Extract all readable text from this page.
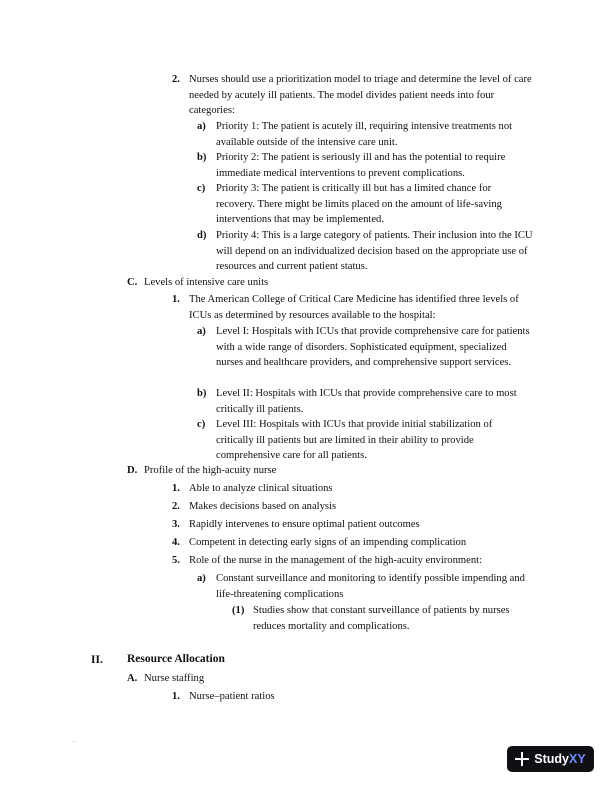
2. Nurses should use a prioritization model to triage and determine the level of care needed by acutely ill patients. The model divides patient needs into four categories:
a) Priority 1: The patient is acutely ill, requiring intensive treatments not available outside of the intensive care unit.
b) Priority 2: The patient is seriously ill and has the potential to require immediate medical interventions to prevent complications.
c) Priority 3: The patient is critically ill but has a limited chance for recovery. There might be limits placed on the amount of life-saving interventions that may be implemented.
d) Priority 4: This is a large category of patients. Their inclusion into the ICU will depend on an individualized decision based on the appropriate use of resources and current patient status.
C. Levels of intensive care units
1. The American College of Critical Care Medicine has identified three levels of ICUs as determined by resources available to the hospital:
a) Level I: Hospitals with ICUs that provide comprehensive care for patients with a wide range of disorders. Sophisticated equipment, specialized nurses and healthcare providers, and comprehensive support services.
b) Level II: Hospitals with ICUs that provide comprehensive care to most critically ill patients.
c) Level III: Hospitals with ICUs that provide initial stabilization of critically ill patients but are limited in their ability to provide comprehensive care for all patients.
D. Profile of the high-acuity nurse
1. Able to analyze clinical situations
2. Makes decisions based on analysis
3. Rapidly intervenes to ensure optimal patient outcomes
4. Competent in detecting early signs of an impending complication
5. Role of the nurse in the management of the high-acuity environment:
a) Constant surveillance and monitoring to identify possible impending and life-threatening complications
(1) Studies show that constant surveillance of patients by nurses reduces mortality and complications.
II. Resource Allocation
A. Nurse staffing
1. Nurse–patient ratios
.
StudyXY
